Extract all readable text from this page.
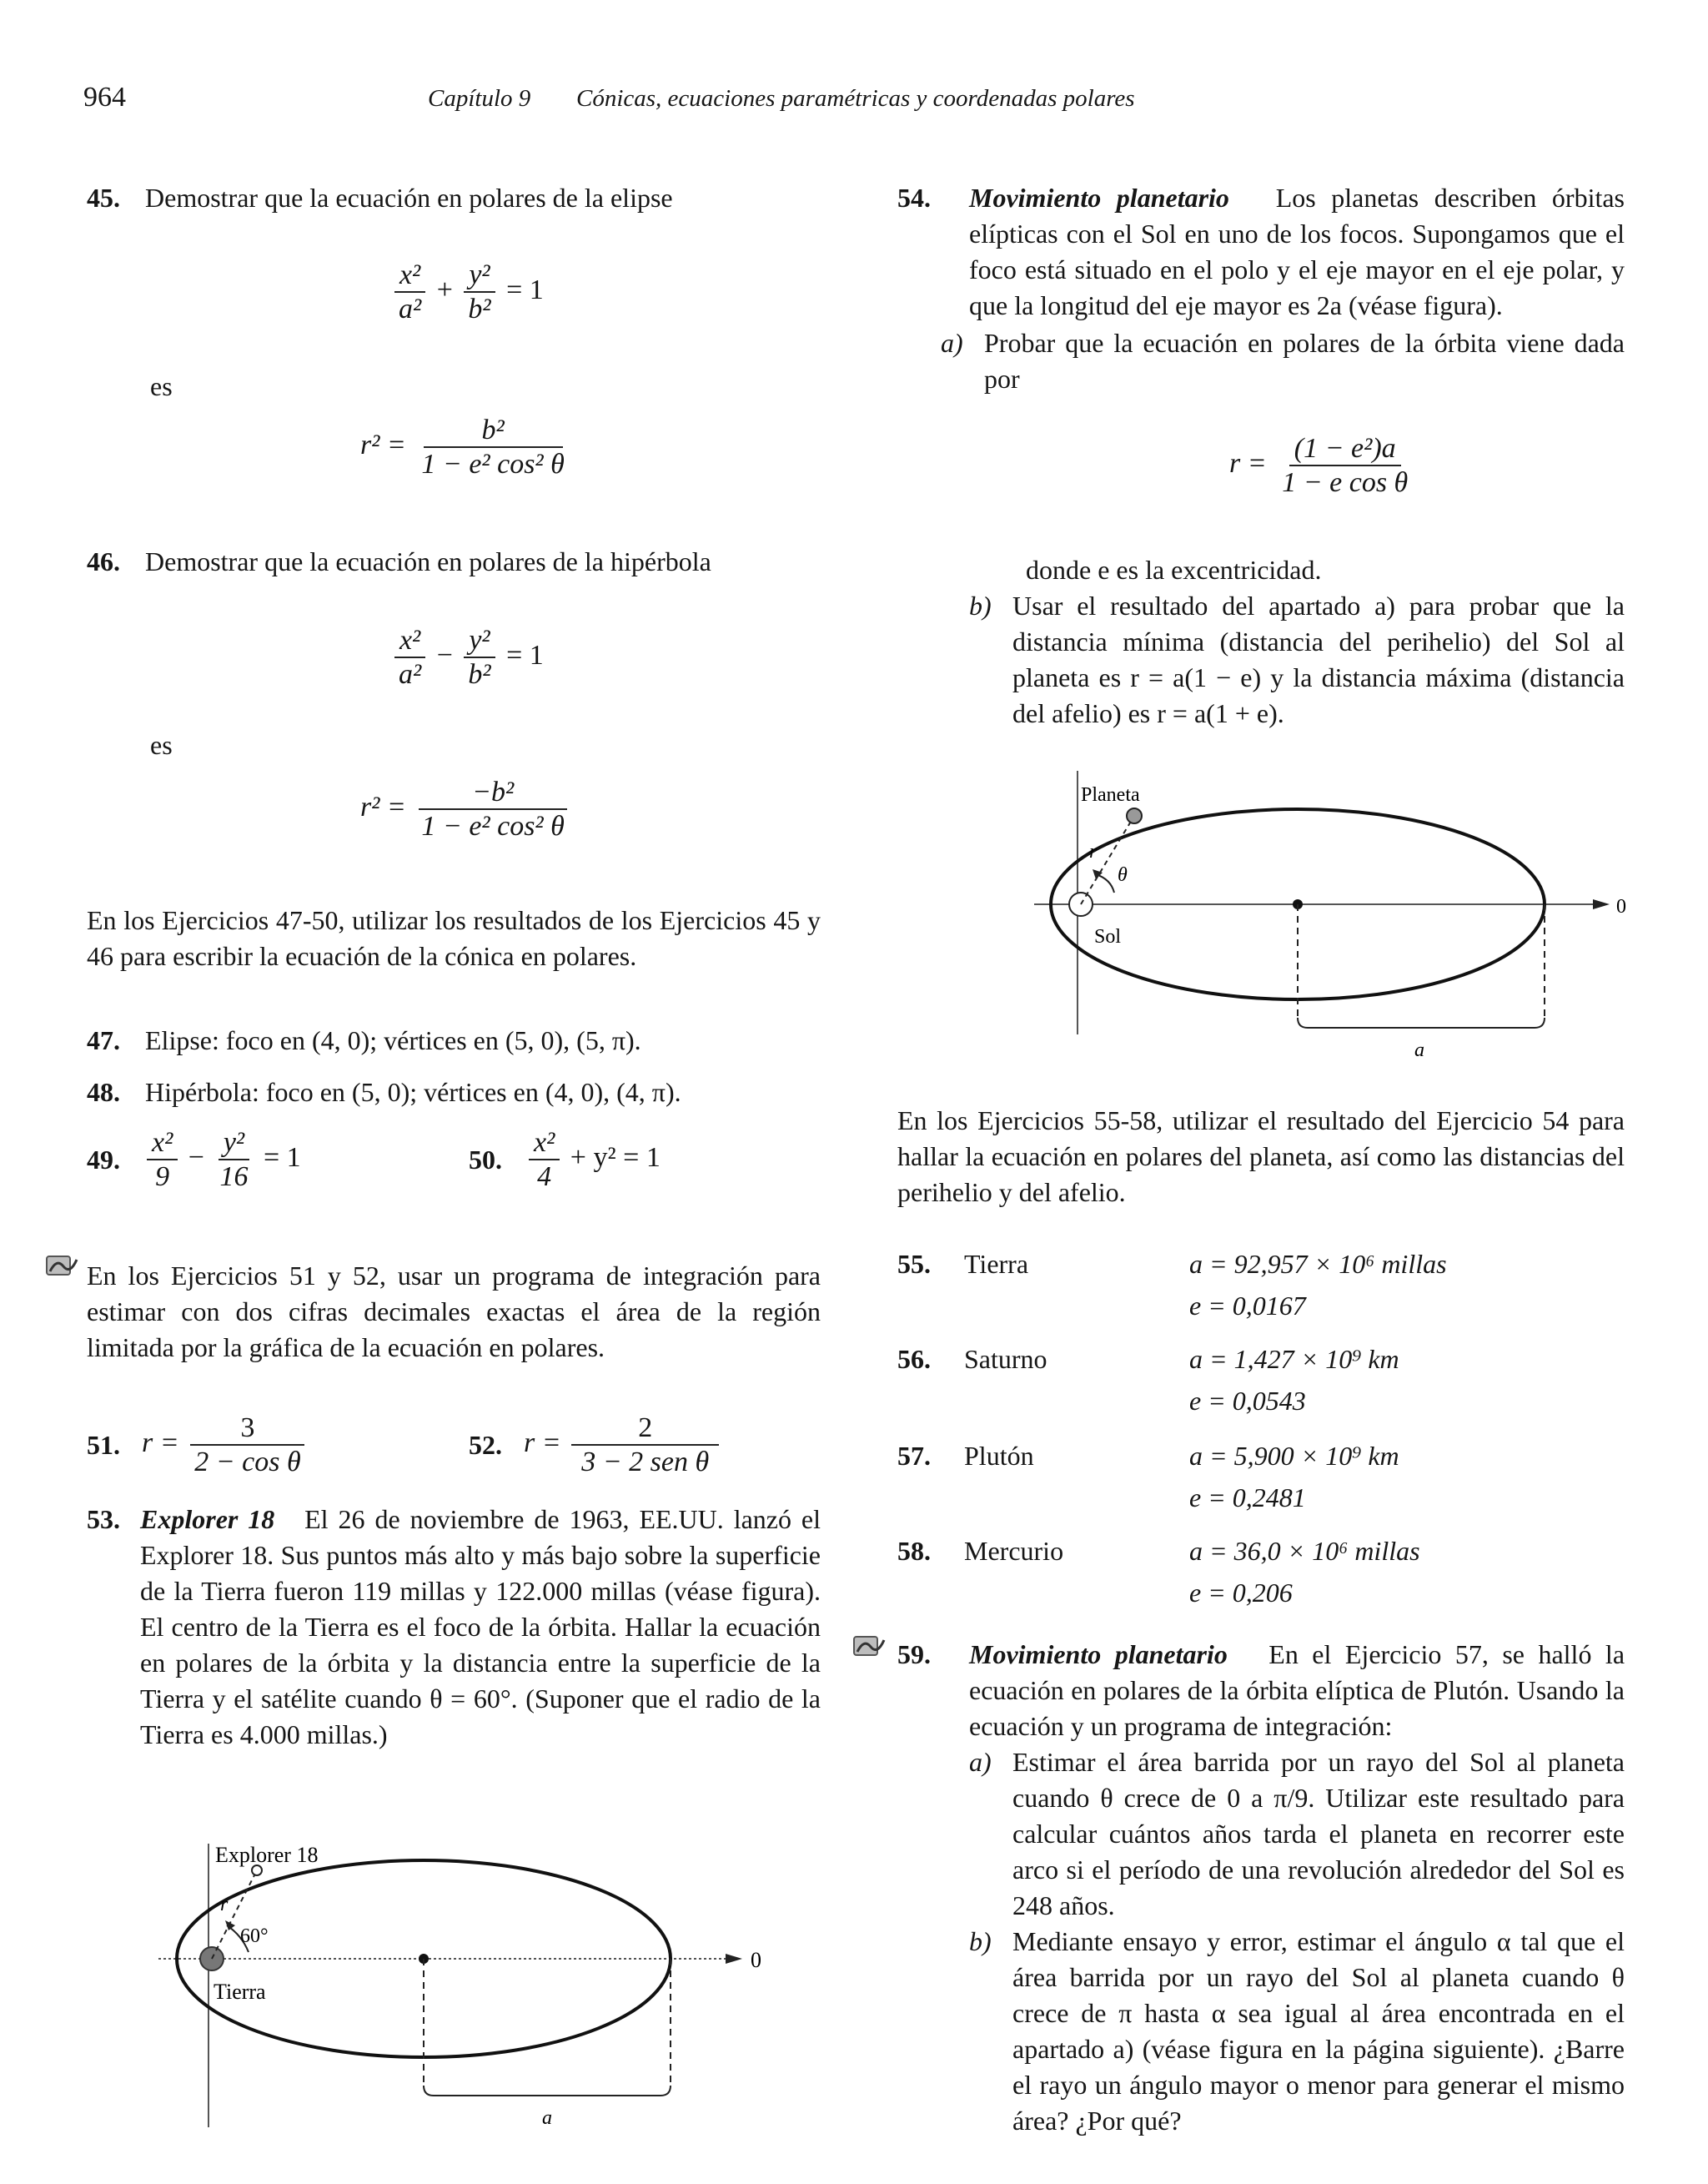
964	Capítulo 9 Cónicas, ecuaciones paramétricas y coordenadas polares
45. Demostrar que la ecuación en polares de la elipse
$\frac{\text{x²}}{\text{a²}} + \frac{\text{y²}}{\text{b²}} = 1$
es
$r^2 = \frac{\text{b²}}{\text{1 − e² cos² θ}}$
46. Demostrar que la ecuación en polares de la hipérbola
$\frac{\text{x²}}{\text{a²}} - \frac{\text{y²}}{\text{b²}} = 1$
es
$r^2 = \frac{\text{−b²}}{\text{1 − e² cos² θ}}$
En los Ejercicios 47-50, utilizar los resultados de los Ejercicios 45 y 46 para escribir la ecuación de la cónica en polares.
47. Elipse: foco en (4, 0); vértices en (5, 0), (5, π).
48. Hipérbola: foco en (5, 0); vértices en (4, 0), (4, π).
49. $\frac{\text{x²}}{9} - \frac{\text{y²}}{16} = 1$	50. $\frac{\text{x²}}{4} + y^2 = 1$
En los Ejercicios 51 y 52, usar un programa de integración para estimar con dos cifras decimales exactas el área de la región limitada por la gráfica de la ecuación en polares.
51. $r = \frac{3}{\text{2 − cos θ}}$	52. $r = \frac{2}{\text{3 − 2 sen θ}}$
53. Explorer 18 El 26 de noviembre de 1963, EE.UU. lanzó el Explorer 18. Sus puntos más alto y más bajo sobre la superficie de la Tierra fueron 119 millas y 122.000 millas (véase figura). El centro de la Tierra es el foco de la órbita. Hallar la ecuación en polares de la órbita y la distancia entre la superficie de la Tierra y el satélite cuando θ = 60°. (Suponer que el radio de la Tierra es 4.000 millas.)
Explorer 18
r
60°
Tierra
0
a
54. Movimiento planetario Los planetas describen órbitas elípticas con el Sol en uno de los focos. Supongamos que el foco está situado en el polo y el eje mayor en el eje polar, y que la longitud del eje mayor es 2a (véase figura).
a) Probar que la ecuación en polares de la órbita viene dada por
$r = \frac{\text{(1 − e²)a}}{\text{1 − e cos θ}}$
donde e es la excentricidad.
b) Usar el resultado del apartado a) para probar que la distancia mínima (distancia del perihelio) del Sol al planeta es r = a(1 − e) y la distancia máxima (distancia del afelio) es r = a(1 + e).
Planeta
r
θ
Sol
0
a
En los Ejercicios 55-58, utilizar el resultado del Ejercicio 54 para hallar la ecuación en polares del planeta, así como las distancias del perihelio y del afelio.
55. Tierra	a = 92,957 × 10⁶ millas
e = 0,0167
56. Saturno	a = 1,427 × 10⁹ km
e = 0,0543
57. Plutón	a = 5,900 × 10⁹ km
e = 0,2481
58. Mercurio	a = 36,0 × 10⁶ millas
e = 0,206
59. Movimiento planetario En el Ejercicio 57, se halló la ecuación en polares de la órbita elíptica de Plutón. Usando la ecuación y un programa de integración:
a) Estimar el área barrida por un rayo del Sol al planeta cuando θ crece de 0 a π/9. Utilizar este resultado para calcular cuántos años tarda el planeta en recorrer este arco si el período de una revolución alrededor del Sol es 248 años.
b) Mediante ensayo y error, estimar el ángulo α tal que el área barrida por un rayo del Sol al planeta cuando θ crece de π hasta α sea igual al área encontrada en el apartado a) (véase figura en la página siguiente). ¿Barre el rayo un ángulo mayor o menor para generar el mismo área? ¿Por qué?
